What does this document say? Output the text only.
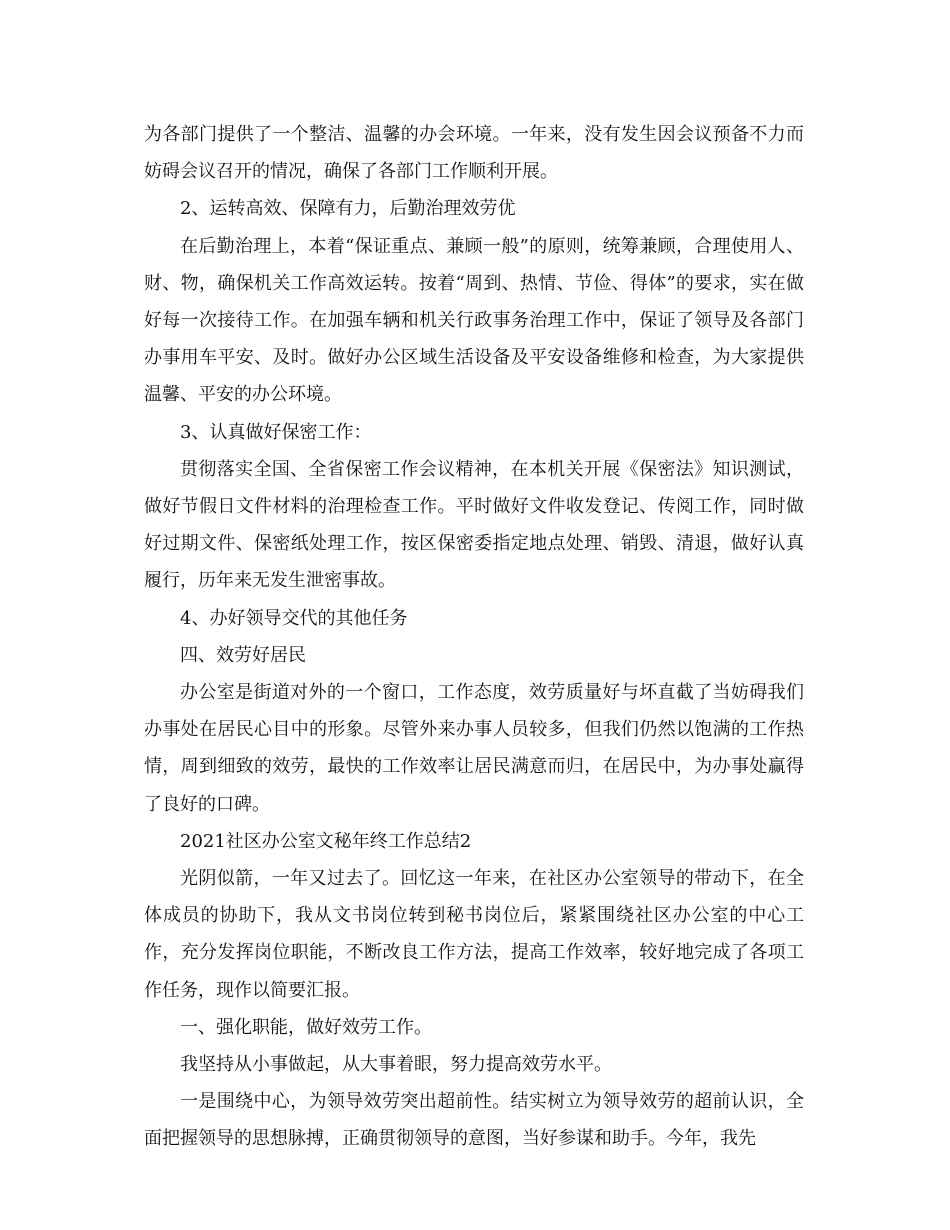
为各部门提供了一个整洁、温馨的办会环境。一年来，没有发生因会议预备不力而妨碍会议召开的情况，确保了各部门工作顺利开展。

2、运转高效、保障有力，后勤治理效劳优

在后勤治理上，本着“保证重点、兼顾一般”的原则，统筹兼顾，合理使用人、财、物，确保机关工作高效运转。按着“周到、热情、节俭、得体”的要求，实在做好每一次接待工作。在加强车辆和机关行政事务治理工作中，保证了领导及各部门办事用车平安、及时。做好办公区域生活设备及平安设备维修和检查，为大家提供温馨、平安的办公环境。

3、认真做好保密工作：

贯彻落实全国、全省保密工作会议精神，在本机关开展《保密法》知识测试，做好节假日文件材料的治理检查工作。平时做好文件收发登记、传阅工作，同时做好过期文件、保密纸处理工作，按区保密委指定地点处理、销毁、清退，做好认真履行，历年来无发生泄密事故。

4、办好领导交代的其他任务

四、效劳好居民

办公室是街道对外的一个窗口，工作态度，效劳质量好与坏直截了当妨碍我们办事处在居民心目中的形象。尽管外来办事人员较多，但我们仍然以饱满的工作热情，周到细致的效劳，最快的工作效率让居民满意而归，在居民中，为办事处赢得了良好的口碑。

2021社区办公室文秘年终工作总结2

光阴似箭，一年又过去了。回忆这一年来，在社区办公室领导的带动下，在全体成员的协助下，我从文书岗位转到秘书岗位后，紧紧围绕社区办公室的中心工作，充分发挥岗位职能，不断改良工作方法，提高工作效率，较好地完成了各项工作任务，现作以简要汇报。

一、强化职能，做好效劳工作。

我坚持从小事做起，从大事着眼，努力提高效劳水平。

一是围绕中心，为领导效劳突出超前性。结实树立为领导效劳的超前认识，全面把握领导的思想脉搏，正确贯彻领导的意图，当好参谋和助手。今年，我先
